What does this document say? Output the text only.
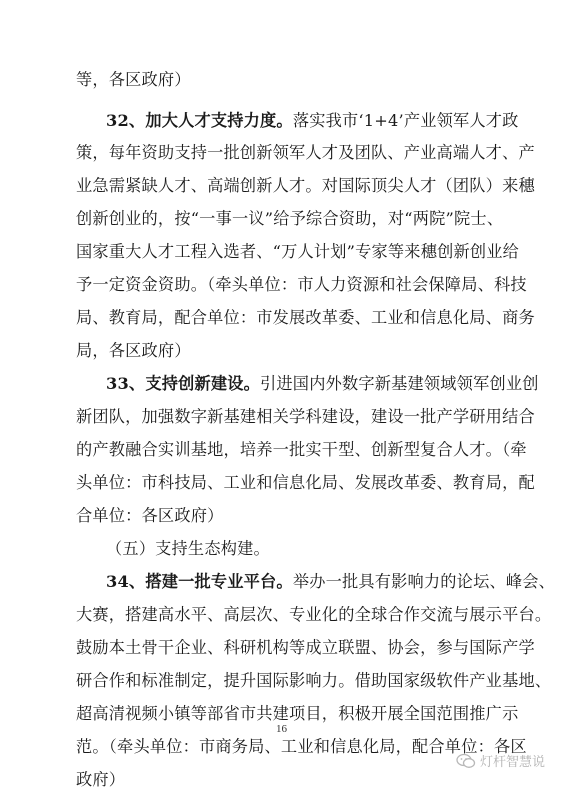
等，各区政府）
32、加大人才支持力度。落实我市‘1+4’产业领军人才政
策，每年资助支持一批创新领军人才及团队、产业高端人才、产
业急需紧缺人才、高端创新人才。对国际顶尖人才（团队）来穗
创新创业的，按“一事一议”给予综合资助，对“两院”院士、
国家重大人才工程入选者、“万人计划”专家等来穗创新创业给
予一定资金资助。（牵头单位：市人力资源和社会保障局、科技
局、教育局，配合单位：市发展改革委、工业和信息化局、商务
局，各区政府）
33、支持创新建设。引进国内外数字新基建领域领军创业创
新团队，加强数字新基建相关学科建设，建设一批产学研用结合
的产教融合实训基地，培养一批实干型、创新型复合人才。（牵
头单位：市科技局、工业和信息化局、发展改革委、教育局，配
合单位：各区政府）
（五）支持生态构建。
34、搭建一批专业平台。举办一批具有影响力的论坛、峰会、
大赛，搭建高水平、高层次、专业化的全球合作交流与展示平台。
鼓励本土骨干企业、科研机构等成立联盟、协会，参与国际产学
研合作和标准制定，提升国际影响力。借助国家级软件产业基地、
超高清视频小镇等部省市共建项目，积极开展全国范围推广示
范。（牵头单位：市商务局、工业和信息化局，配合单位：各区
政府）
16
灯杆智慧说
